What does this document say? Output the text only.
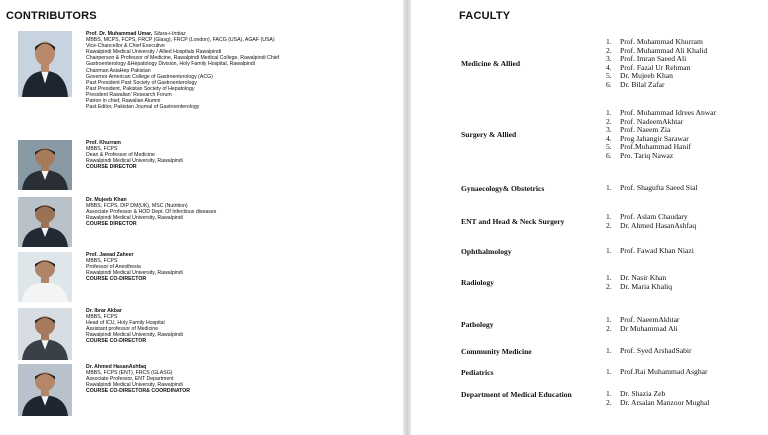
CONTRIBUTORS
Prof. Dr. Muhammad Umar, Sitara-i-Imtiaz
MBBS, MCPS, FCPS, FRCP (Glasg), FRCP (London), FACG (USA), AGAF (USA)
Vice-Chancellor & Chief Executive
Rawalpindi Medical University / Allied Hospitals Rawalpindi
Chairperson & Professor of Medicine, Rawalpindi Medical College, Rawalpindi Chief
Gastroenterology &Hepatology Division, Holy Family Hospital, Rawalpindi
Chairman AsiaHep Pakistan
Governor American College of Gastroenterology (ACG)
Past President Past Society of Gastroenterology
Past President, Pakistan Society of Hepatology
President Rawalian' Research Forum
Patron in chief, Rawalian Alumni
Past Editor, Pakistan Journal of Gastroenterology
Prof. Khurram
MBBS, FCPS
Dean & Professor of Medicine
Rawalpindi Medical University, Rawalpindi
COURSE DIRECTOR
Dr. Mujeeb Khan
MBBS, FCPS, DIP DM(UK), MSC (Nutrition)
Associate Professor & HOD Dept. Of Infectious diseases
Rawalpindi Medical University, Rawalpindi
COURSE DIRECTOR
Prof. Jawad Zaheer
MBBS, FCPS
Professor of Anesthesia
Rawalpindi Medical University, Rawalpindi
COURSE CO-DIRECTOR
Dr. Ibrar Akbar
MBBS, FCPS
Head of ICU, Holy Family Hospital
Assistant professor of Medicine
Rawalpindi Medical University, Rawalpindi
COURSE CO-DIRECTOR
Dr. Ahmed HasanAshfaq
MBBS, FCPS (ENT), FRCS (GLASG)
Associate Professor, ENT Department
Rawalpindi Medical University, Rawalpindi
COURSE CO-DIRECTOR& COORDINATOR
FACULTY
Medicine & Allied
1. Prof. Muhammad Khurram
2. Prof. Muhammad Ali Khalid
3. Prof. Imran Saeed Ali
4. Prof. Fazal Ur Rehman
5. Dr. Mujeeb Khan
6. Dr. Bilal Zafar
Surgery & Allied
1. Prof. Muhammad Idrees Anwar
2. Prof. NadeemAkhtar
3. Prof. Naeem Zia
4. Prog Jahangir Sarawar
5. Prof.Muhammad Hanif
6. Pro. Tariq Nawaz
Gynaecology& Obstetrics	1. Prof. Shagufta Saeed Sial
ENT and Head & Neck Surgery
1. Prof. Aslam Chaudary
2. Dr. Ahmed HasanAshfaq
Ophthalmology	1. Prof. Fawad Khan Niazi
Radiology
1. Dr. Nasir Khan
2. Dr. Maria Khaliq
Pathology
1. Prof. NaeemAkhtar
2. Dr Muhammad Ali
Community Medicine	1. Prof. Syed ArshadSabir
Pediatrics	1. Prof.Rai Muhammad Asghar
Department of Medical Education	1. Dr. Shazia Zeb
2. Dr. Arsalan Manzoor Mughal
